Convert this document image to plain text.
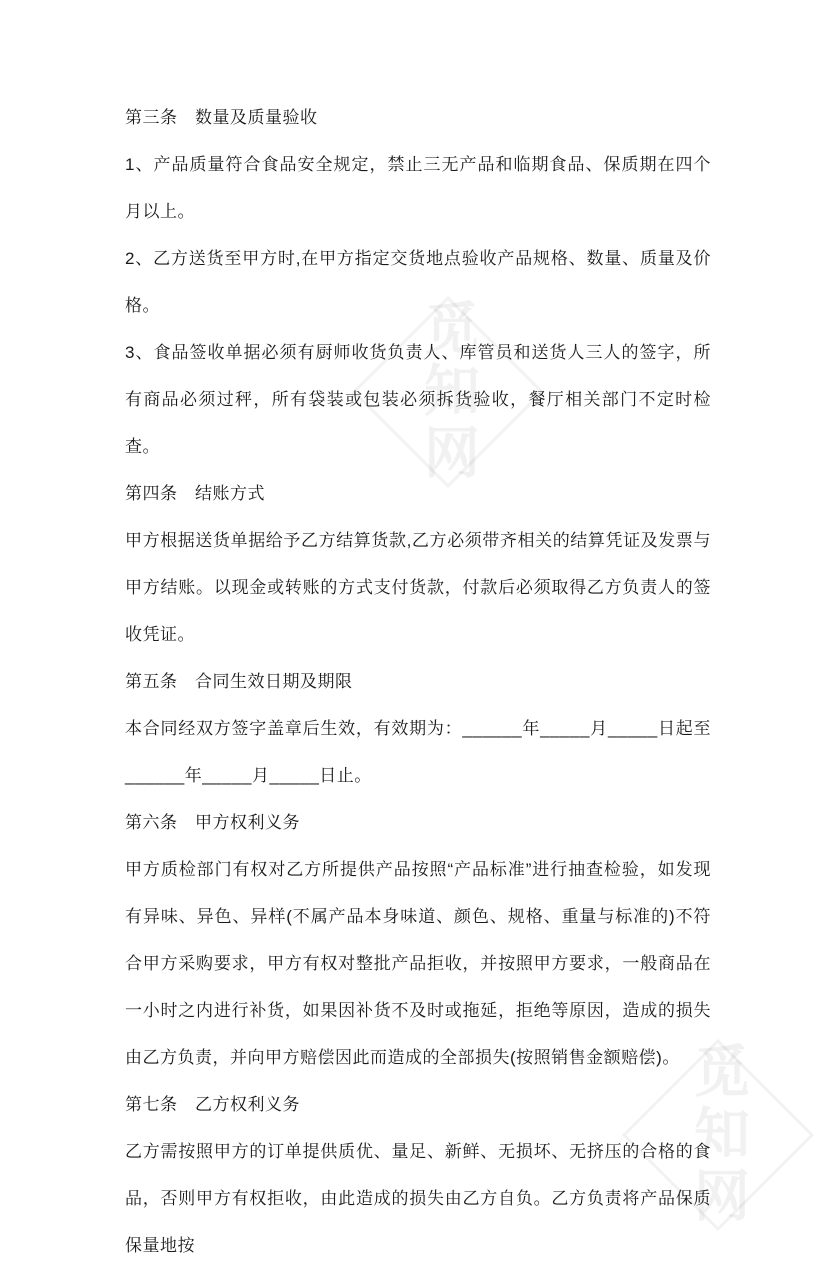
觅知网
觅知网

第三条　数量及质量验收

1、产品质量符合食品安全规定，禁止三无产品和临期食品、保质期在四个月以上。

2、乙方送货至甲方时,在甲方指定交货地点验收产品规格、数量、质量及价格。

3、食品签收单据必须有厨师收货负责人、库管员和送货人三人的签字，所有商品必须过秤，所有袋装或包装必须拆货验收，餐厅相关部门不定时检查。

第四条　结账方式

甲方根据送货单据给予乙方结算货款,乙方必须带齐相关的结算凭证及发票与甲方结账。以现金或转账的方式支付货款，付款后必须取得乙方负责人的签收凭证。

第五条　合同生效日期及期限

本合同经双方签字盖章后生效，有效期为：______年_____月_____日起至______年_____月_____日止。

第六条　甲方权利义务

甲方质检部门有权对乙方所提供产品按照“产品标准”进行抽查检验，如发现有异味、异色、异样(不属产品本身味道、颜色、规格、重量与标准的)不符合甲方采购要求，甲方有权对整批产品拒收，并按照甲方要求，一般商品在一小时之内进行补货，如果因补货不及时或拖延，拒绝等原因，造成的损失由乙方负责，并向甲方赔偿因此而造成的全部损失(按照销售金额赔偿)。

第七条　乙方权利义务

乙方需按照甲方的订单提供质优、量足、新鲜、无损坏、无挤压的合格的食品，否则甲方有权拒收，由此造成的损失由乙方自负。乙方负责将产品保质保量地按
